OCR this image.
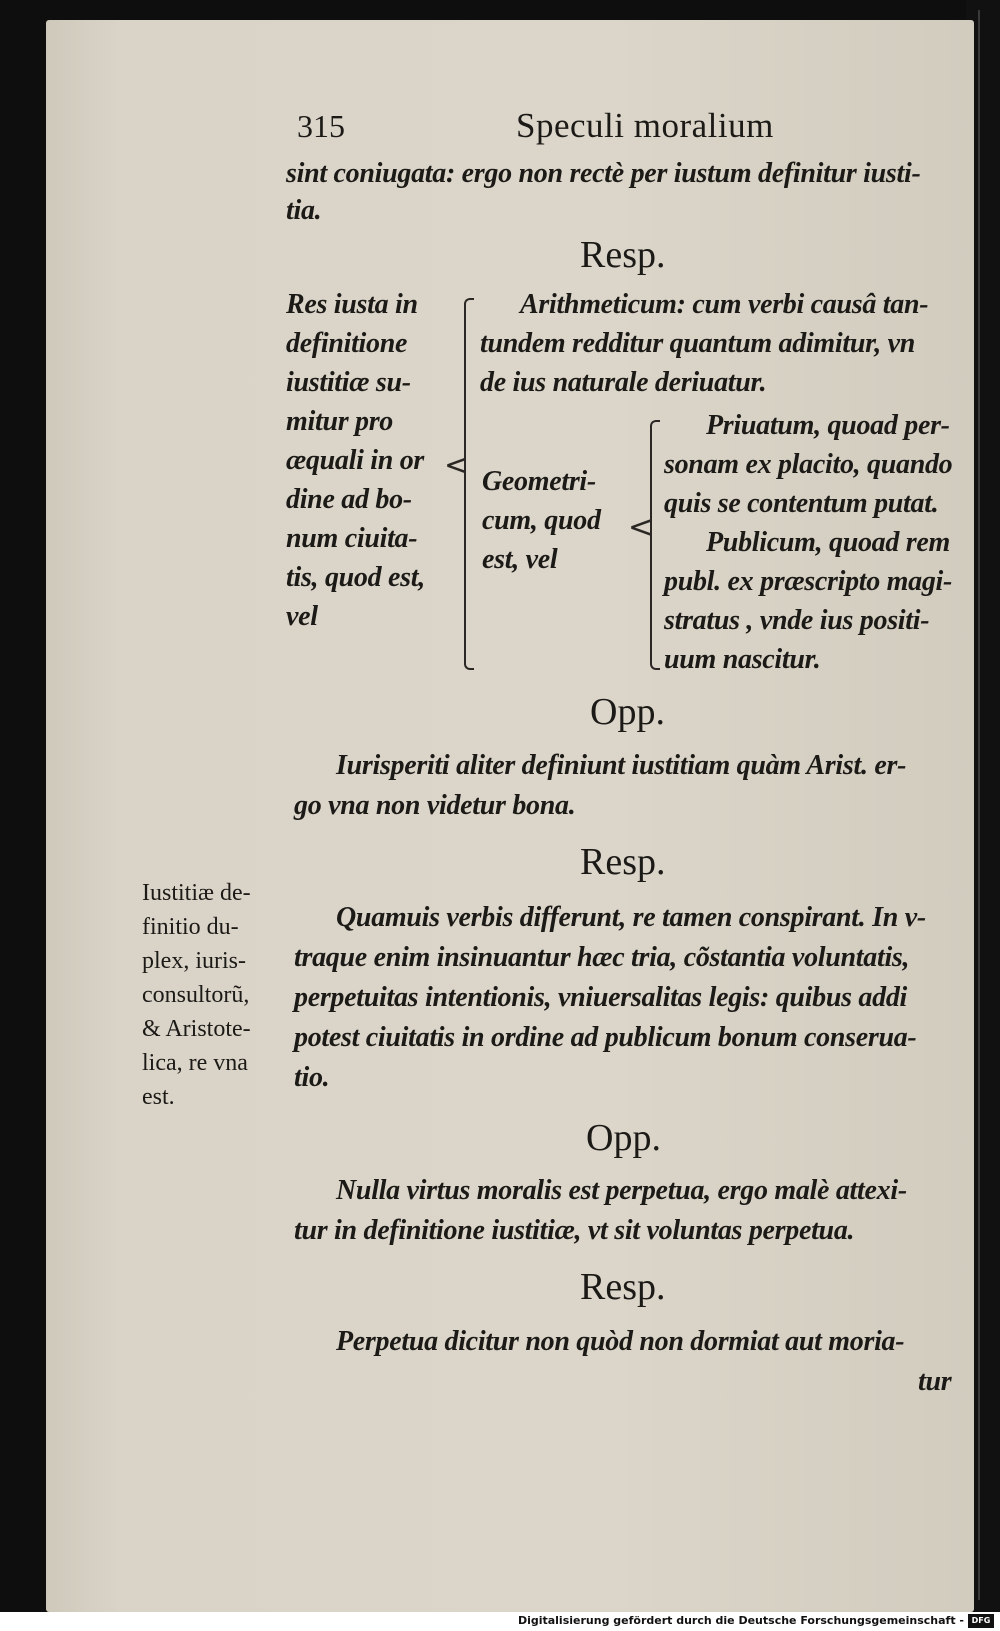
315	Speculi moralium
sint coniugata: ergo non rectè per iustum definitur iusti-
tia.
Resp.
Res iusta in
definitione
iustitiæ su-
mitur pro
æquali in or
dine ad bo-
num ciuita-
tis, quod est,
vel
<
Arithmeticum: cum verbi causâ tan-
tundem redditur quantum adimitur, vn
de ius naturale deriuatur.
Geometri-
cum, quod
est, vel
<
Priuatum, quoad per-
sonam ex placito, quando
quis se contentum putat.
Publicum, quoad rem
publ. ex præscripto magi-
stratus , vnde ius positi-
uum nascitur.
Opp.
Iurisperiti aliter definiunt iustitiam quàm Arist. er-
go vna non videtur bona.
Resp.
Iustitiæ de-
finitio du-
plex, iuris-
consultorũ,
& Aristote-
lica, re vna
est.
Quamuis verbis differunt, re tamen conspirant. In v-
traque enim insinuantur hæc tria, cõstantia voluntatis,
perpetuitas intentionis, vniuersalitas legis: quibus addi
potest ciuitatis in ordine ad publicum bonum conserua-
tio.
Opp.
Nulla virtus moralis est perpetua, ergo malè attexi-
tur in definitione iustitiæ, vt sit voluntas perpetua.
Resp.
Perpetua dicitur non quòd non dormiat aut moria-
tur
Digitalisierung gefördert durch die Deutsche Forschungsgemeinschaft - DFG
